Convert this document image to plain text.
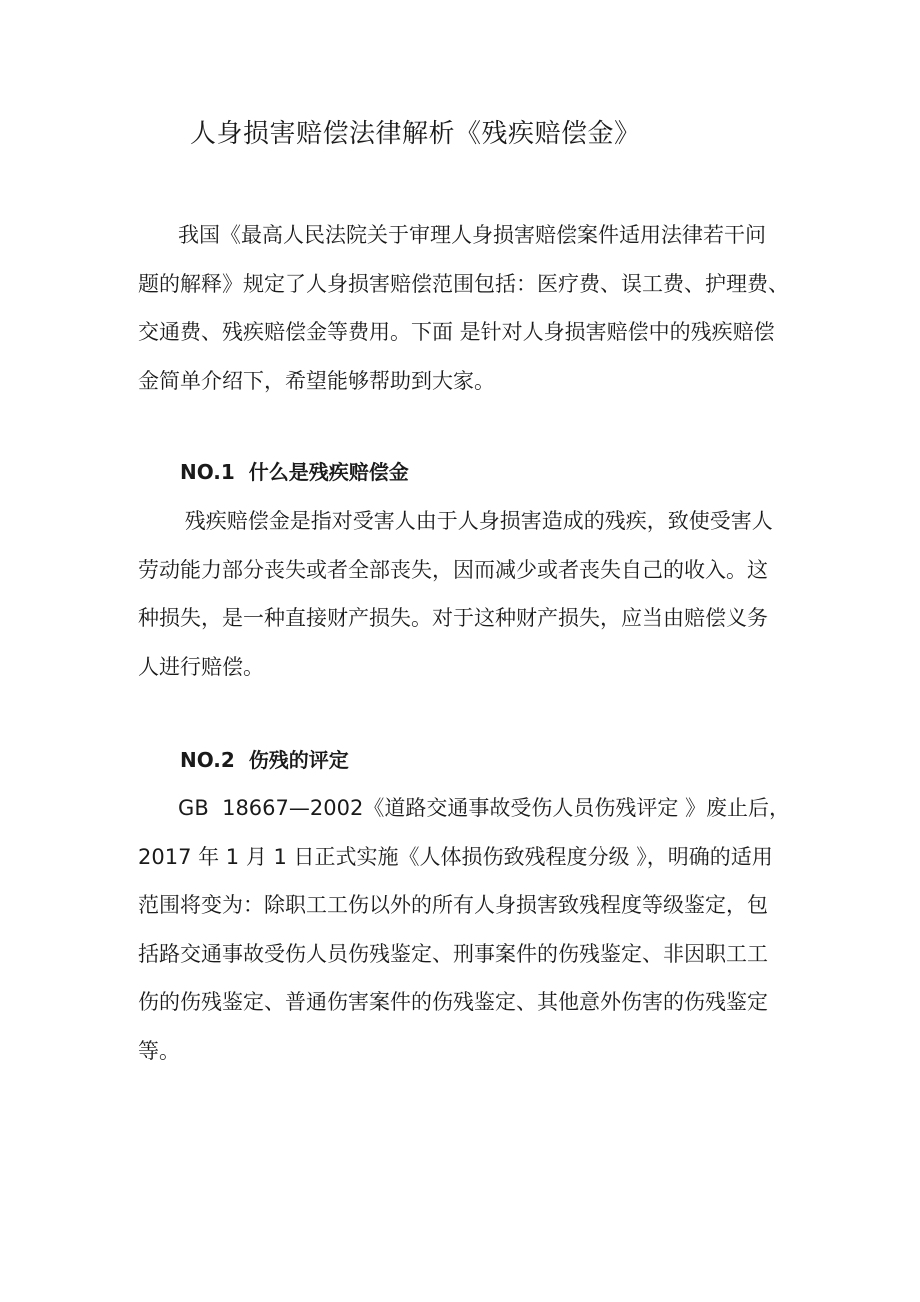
人身损害赔偿法律解析《残疾赔偿金》
我国《最高人民法院关于审理人身损害赔偿案件适用法律若干问
题的解释》规定了人身损害赔偿范围包括：医疗费、误工费、护理费、
交通费、残疾赔偿金等费用。下面 是针对人身损害赔偿中的残疾赔偿
金简单介绍下，希望能够帮助到大家。
NO.1  什么是残疾赔偿金
残疾赔偿金是指对受害人由于人身损害造成的残疾，致使受害人
劳动能力部分丧失或者全部丧失，因而减少或者丧失自己的收入。这
种损失，是一种直接财产损失。对于这种财产损失，应当由赔偿义务
人进行赔偿。
NO.2  伤残的评定
GB  18667—2002《道路交通事故受伤人员伤残评定 》废止后，
2017 年 1 月 1 日正式实施《人体损伤致残程度分级 》，明确的适用
范围将变为：除职工工伤以外的所有人身损害致残程度等级鉴定，包
括路交通事故受伤人员伤残鉴定、刑事案件的伤残鉴定、非因职工工
伤的伤残鉴定、普通伤害案件的伤残鉴定、其他意外伤害的伤残鉴定
等。
